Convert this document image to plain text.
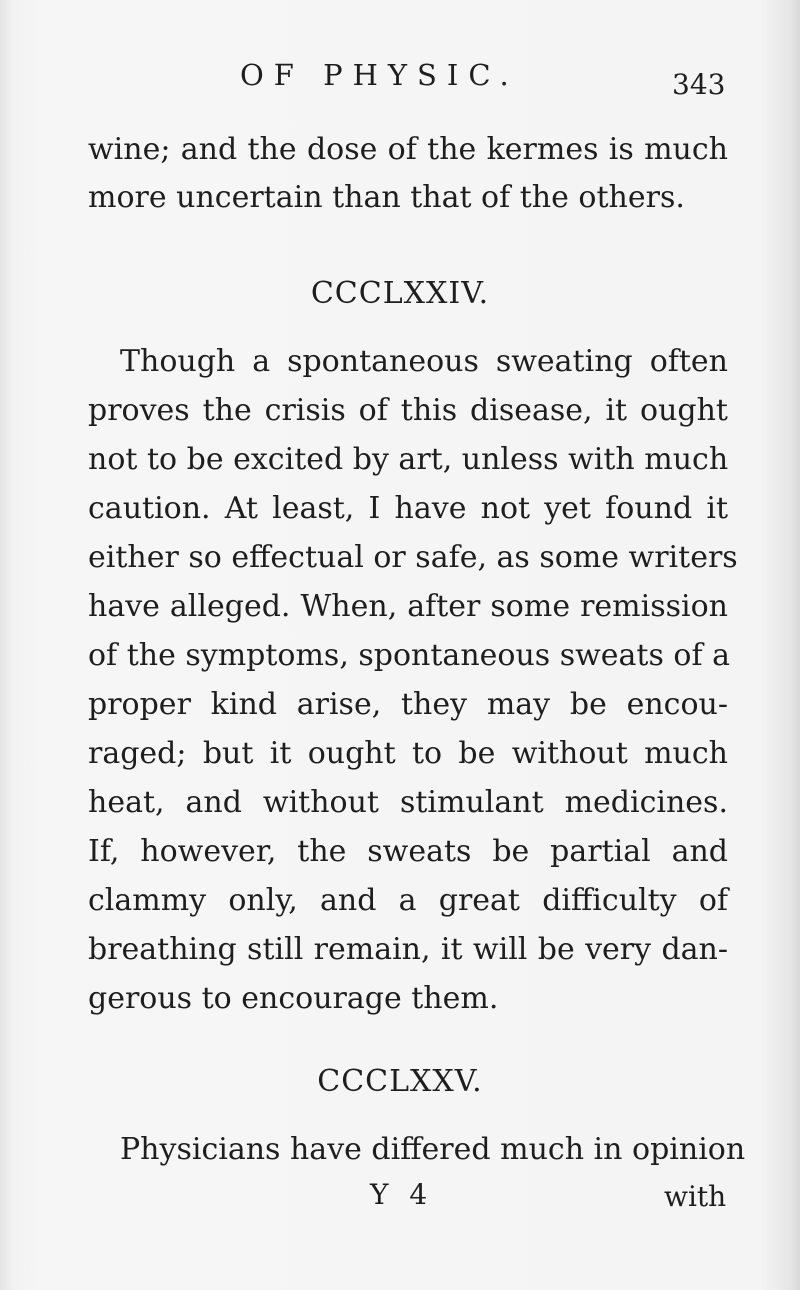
OF PHYSIC.	343
wine; and the dose of the kermes is much
more uncertain than that of the others.
CCCLXXIV.
Though a spontaneous sweating often
proves the crisis of this disease, it ought
not to be excited by art, unless with much
caution. At least, I have not yet found it
either so effectual or safe, as some writers
have alleged. When, after some remission
of the symptoms, spontaneous sweats of a
proper kind arise, they may be encou-
raged; but it ought to be without much
heat, and without stimulant medicines.
If, however, the sweats be partial and
clammy only, and a great difficulty of
breathing still remain, it will be very dan-
gerous to encourage them.
CCCLXXV.
Physicians have differed much in opinion
Y 4	with
